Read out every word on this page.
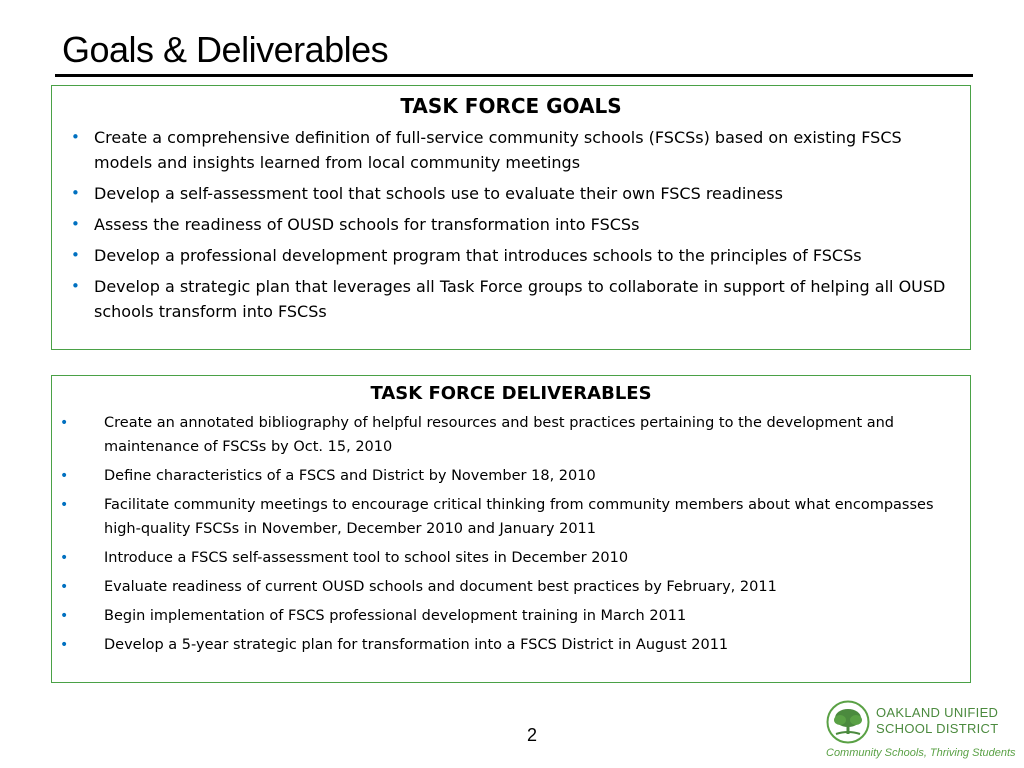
Goals & Deliverables
TASK FORCE GOALS
• Create a comprehensive definition of full-service community schools (FSCSs) based on existing FSCS models and insights learned from local community meetings
• Develop a self-assessment tool that schools use to evaluate their own FSCS readiness
• Assess the readiness of OUSD schools for transformation into FSCSs
• Develop a professional development program that introduces schools to the principles of FSCSs
• Develop a strategic plan that leverages all Task Force groups to collaborate in support of helping all OUSD schools transform into FSCSs
TASK FORCE DELIVERABLES
• Create an annotated bibliography of helpful resources and best practices pertaining to the development and maintenance of FSCSs by Oct. 15, 2010
• Define characteristics of a FSCS and District by November 18, 2010
• Facilitate community meetings to encourage critical thinking from community members about what encompasses high-quality FSCSs in November, December 2010 and January 2011
• Introduce a FSCS self-assessment tool to school sites in December 2010
• Evaluate readiness of current OUSD schools and document best practices by February, 2011
• Begin implementation of FSCS professional development training in March 2011
• Develop a 5-year strategic plan for transformation into a FSCS District in August 2011
2
OAKLAND UNIFIED
SCHOOL DISTRICT
Community Schools, Thriving Students
